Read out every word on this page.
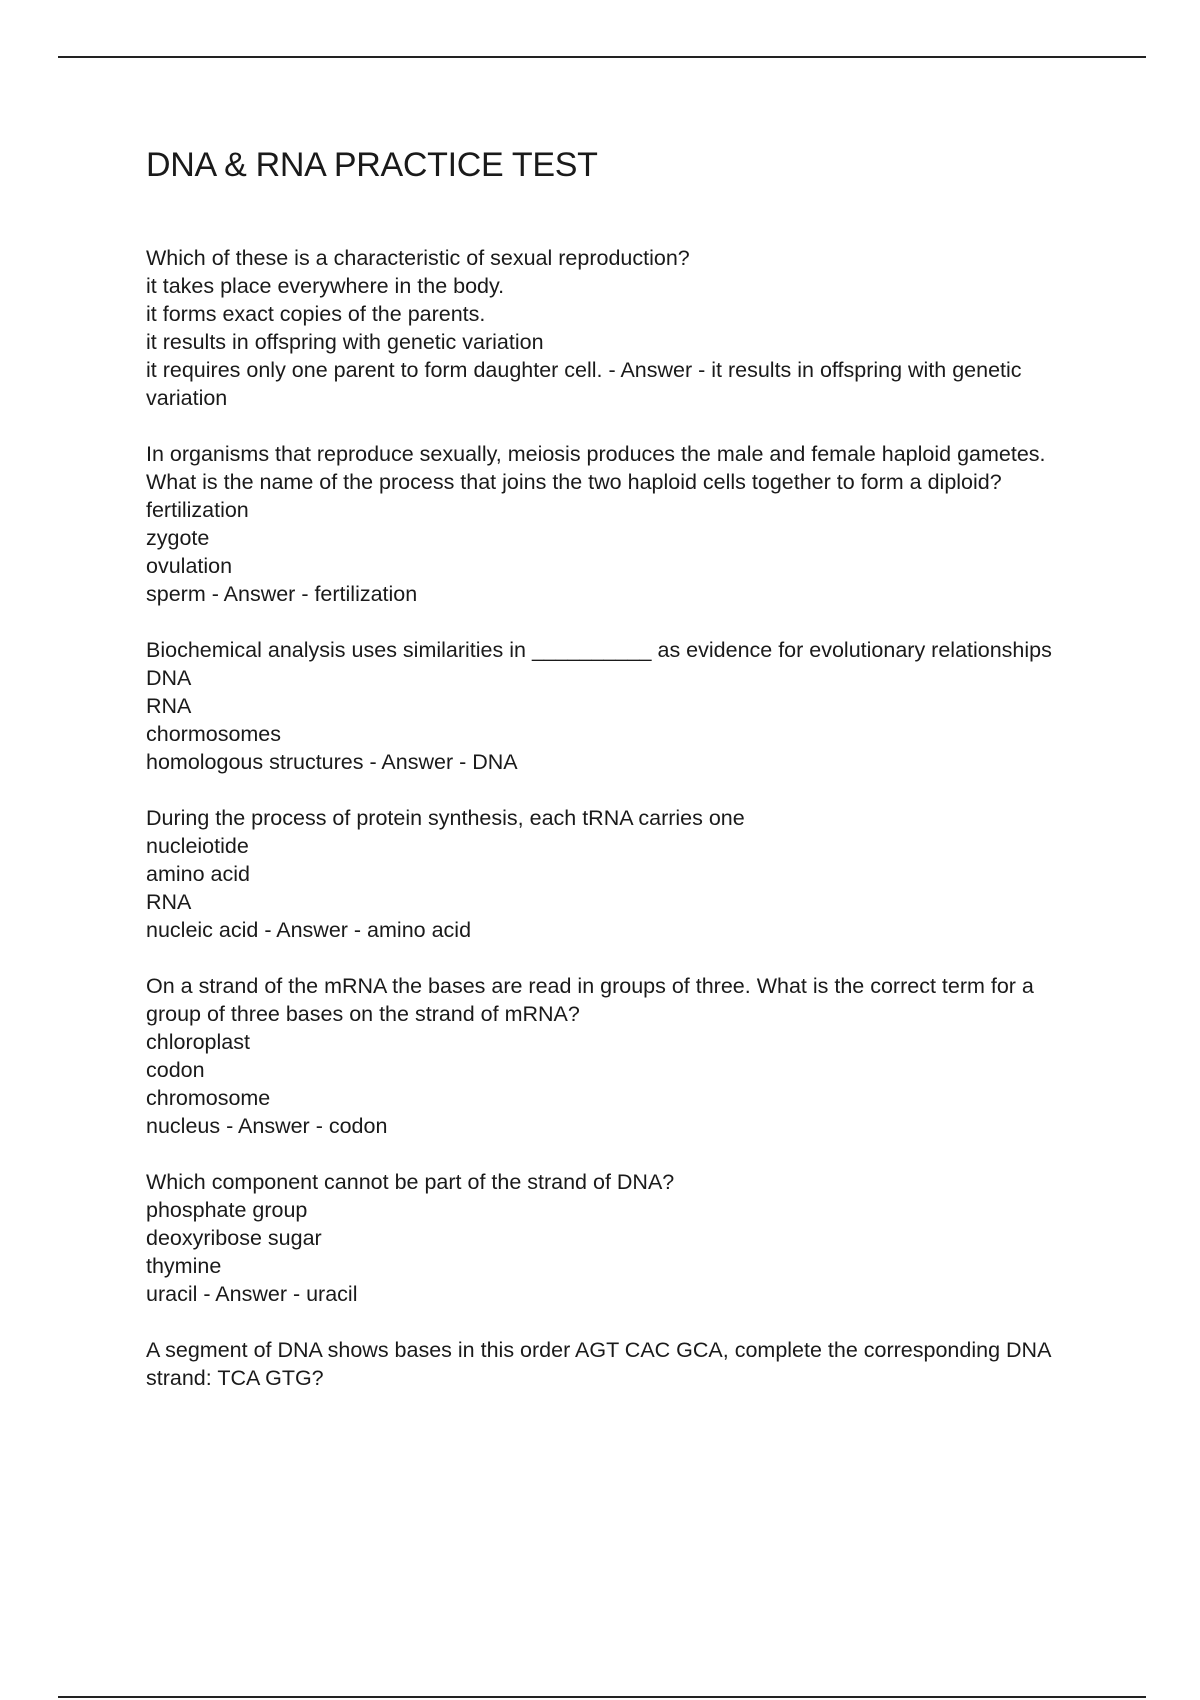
DNA & RNA PRACTICE TEST
Which of these is a characteristic of sexual reproduction?
it takes place everywhere in the body.
it forms exact copies of the parents.
it results in offspring with genetic variation
it requires only one parent to form daughter cell. - Answer - it results in offspring with genetic variation
In organisms that reproduce sexually, meiosis produces the male and female haploid gametes. What is the name of the process that joins the two haploid cells together to form a diploid?
fertilization
zygote
ovulation
sperm - Answer - fertilization
Biochemical analysis uses similarities in __________ as evidence for evolutionary relationships
DNA
RNA
chormosomes
homologous structures - Answer - DNA
During the process of protein synthesis, each tRNA carries one
nucleiotide
amino acid
RNA
nucleic acid - Answer - amino acid
On a strand of the mRNA the bases are read in groups of three. What is the correct term for a group of three bases on the strand of mRNA?
chloroplast
codon
chromosome
nucleus - Answer - codon
Which component cannot be part of the strand of DNA?
phosphate group
deoxyribose sugar
thymine
uracil - Answer - uracil
A segment of DNA shows bases in this order AGT CAC GCA, complete the corresponding DNA strand: TCA GTG?
